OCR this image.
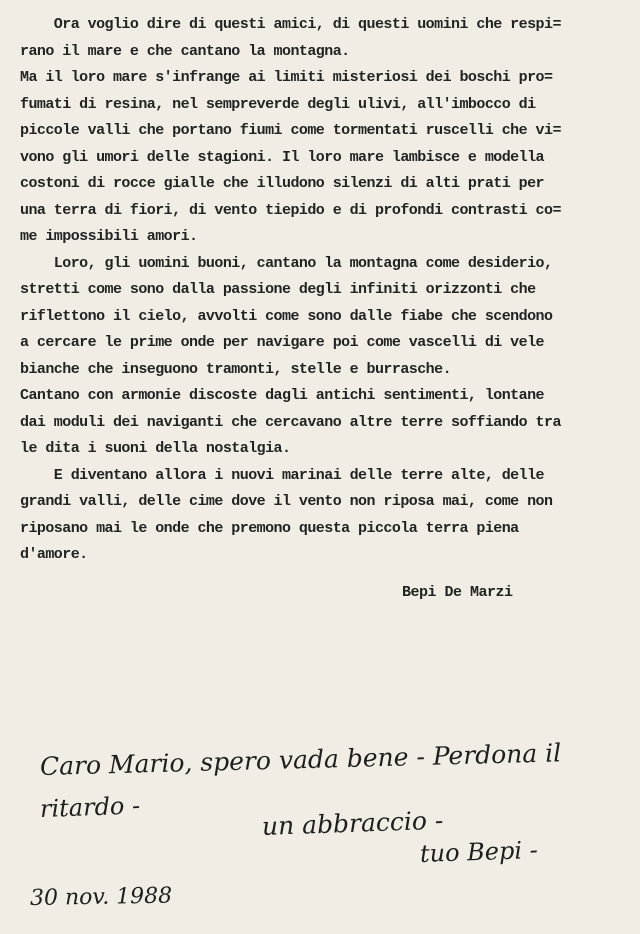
Ora voglio dire di questi amici, di questi uomini che respi=
rano il mare e che cantano la montagna.
Ma il loro mare s'infrange ai limiti misteriosi dei boschi pro=
fumati di resina, nel sempreverde degli ulivi, all'imbocco di
piccole valli che portano fiumi come tormentati ruscelli che vi=
vono gli umori delle stagioni. Il loro mare lambisce e modella
costoni di rocce gialle che illudono silenzi di alti prati per
una terra di fiori, di vento tiepido e di profondi contrasti co=
me impossibili amori.
Loro, gli uomini buoni, cantano la montagna come desiderio,
stretti come sono dalla passione degli infiniti orizzonti che
riflettono il cielo, avvolti come sono dalle fiabe che scendono
a cercare le prime onde per navigare poi come vascelli di vele
bianche che inseguono tramonti, stelle e burrasche.
Cantano con armonie discoste dagli antichi sentimenti, lontane
dai moduli dei naviganti che cercavano altre terre soffiando tra
le dita i suoni della nostalgia.
E diventano allora i nuovi marinai delle terre alte, delle
grandi valli, delle cime dove il vento non riposa mai, come non
riposano mai le onde che premono questa piccola terra piena
d'amore.
Bepi De Marzi
Caro Mario, spero vada bene - Perdona il
ritardo -	un abbraccio -
tuo Bepi -
30 nov. 1988
